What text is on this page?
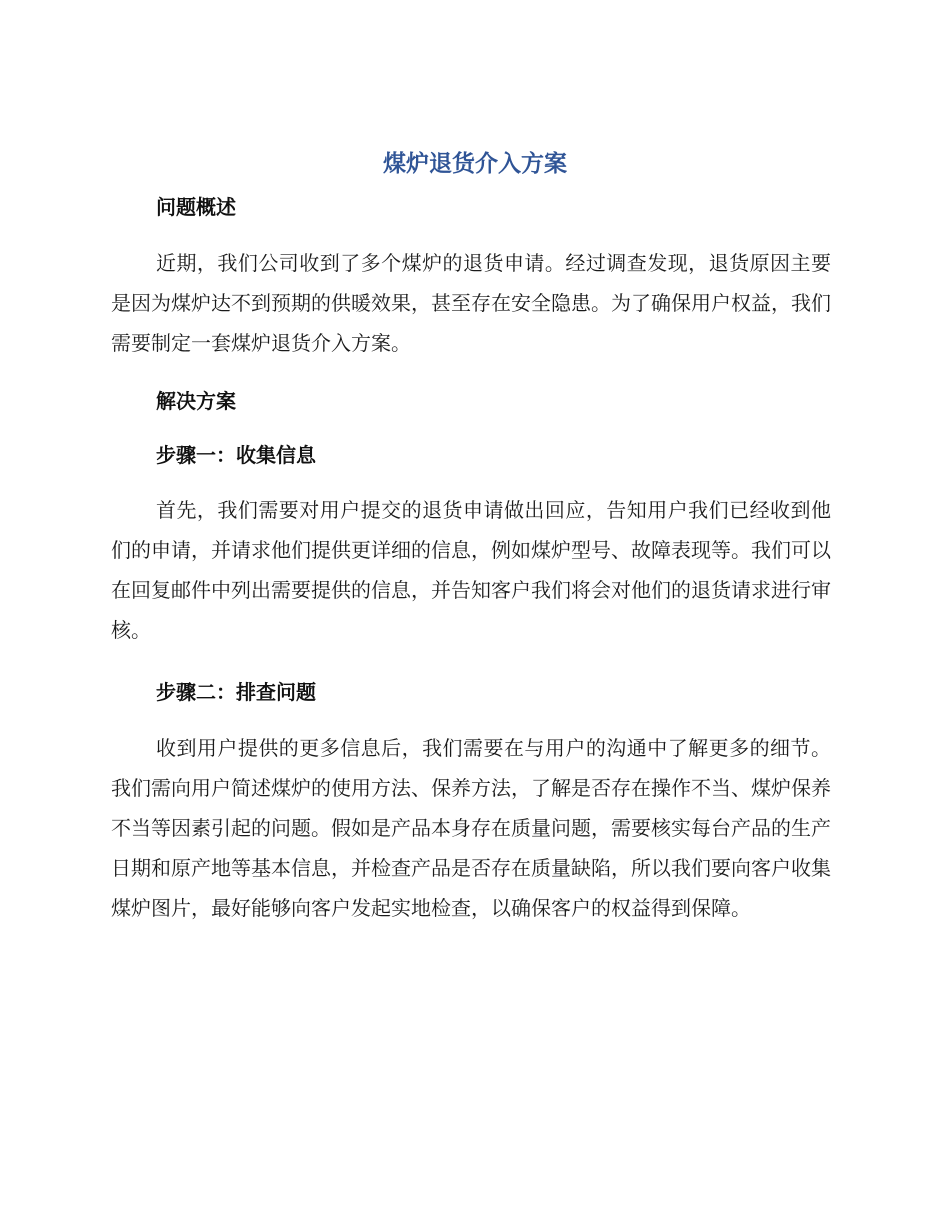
煤炉退货介入方案
问题概述

近期，我们公司收到了多个煤炉的退货申请。经过调查发现，退货原因主要是因为煤炉达不到预期的供暖效果，甚至存在安全隐患。为了确保用户权益，我们需要制定一套煤炉退货介入方案。

解决方案
步骤一：收集信息

首先，我们需要对用户提交的退货申请做出回应，告知用户我们已经收到他们的申请，并请求他们提供更详细的信息，例如煤炉型号、故障表现等。我们可以在回复邮件中列出需要提供的信息，并告知客户我们将会对他们的退货请求进行审核。

步骤二：排查问题

收到用户提供的更多信息后，我们需要在与用户的沟通中了解更多的细节。我们需向用户简述煤炉的使用方法、保养方法，了解是否存在操作不当、煤炉保养不当等因素引起的问题。假如是产品本身存在质量问题，需要核实每台产品的生产日期和原产地等基本信息，并检查产品是否存在质量缺陷，所以我们要向客户收集煤炉图片，最好能够向客户发起实地检查，以确保客户的权益得到保障。
